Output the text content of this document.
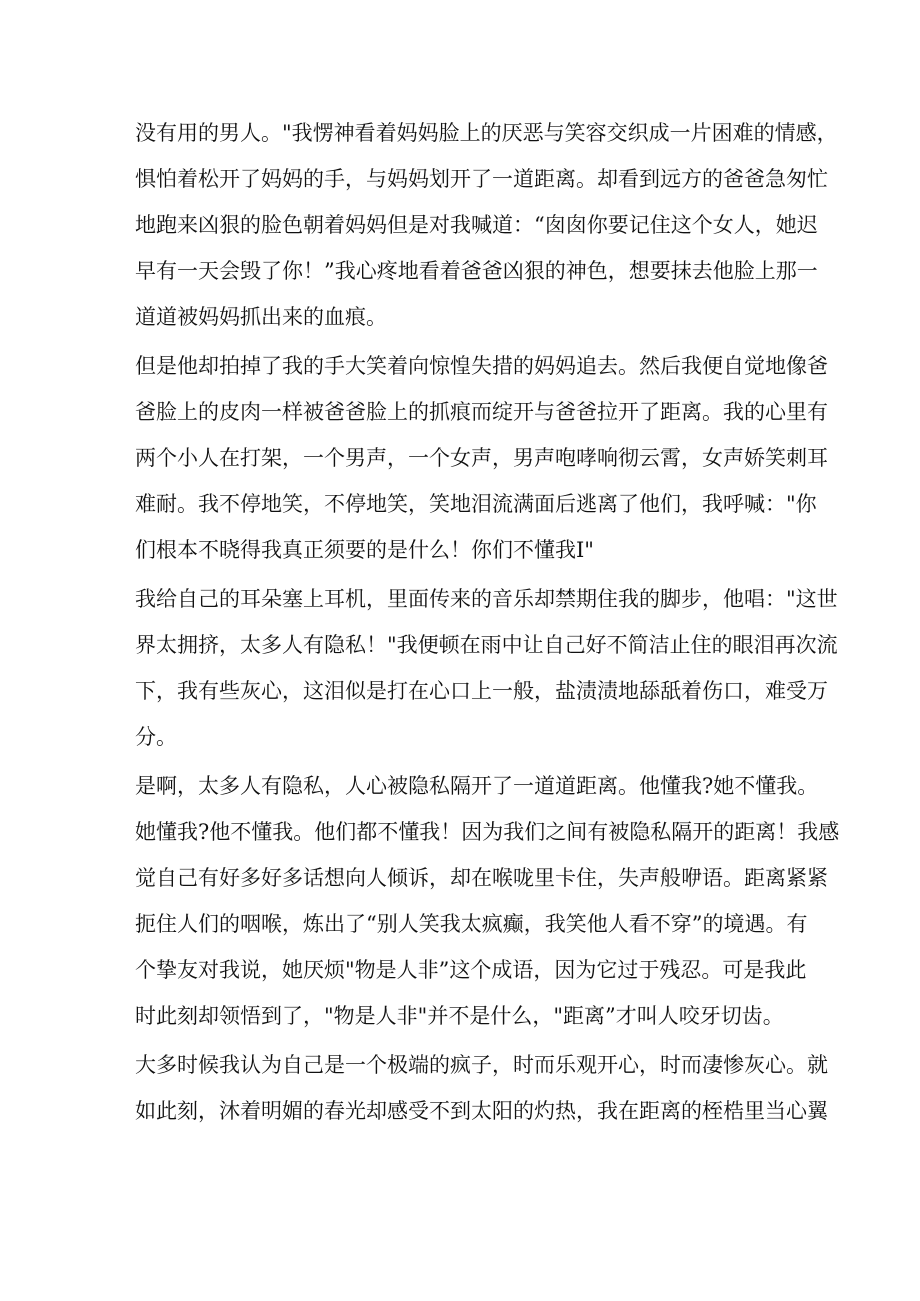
没有用的男人。"我愣神看着妈妈脸上的厌恶与笑容交织成一片困难的情感，
惧怕着松开了妈妈的手，与妈妈划开了一道距离。却看到远方的爸爸急匆忙
地跑来凶狠的脸色朝着妈妈但是对我喊道：“囱囱你要记住这个女人，她迟
早有一天会毁了你！”我心疼地看着爸爸凶狠的神色，想要抹去他脸上那一
道道被妈妈抓出来的血痕。
但是他却拍掉了我的手大笑着向惊惶失措的妈妈追去。然后我便自觉地像爸
爸脸上的皮肉一样被爸爸脸上的抓痕而绽开与爸爸拉开了距离。我的心里有
两个小人在打架，一个男声，一个女声，男声咆哮响彻云霄，女声娇笑刺耳
难耐。我不停地笑，不停地笑，笑地泪流满面后逃离了他们，我呼喊："你
们根本不晓得我真正须要的是什么！你们不懂我I"
我给自己的耳朵塞上耳机，里面传来的音乐却禁期住我的脚步，他唱："这世
界太拥挤，太多人有隐私！"我便顿在雨中让自己好不简洁止住的眼泪再次流
下，我有些灰心，这泪似是打在心口上一般，盐渍渍地舔舐着伤口，难受万
分。
是啊，太多人有隐私，人心被隐私隔开了一道道距离。他懂我?她不懂我。
她懂我?他不懂我。他们都不懂我！因为我们之间有被隐私隔开的距离！我感
觉自己有好多好多话想向人倾诉，却在喉咙里卡住，失声般咿语。距离紧紧
扼住人们的咽喉，炼出了“别人笑我太疯癫，我笑他人看不穿”的境遇。有
个挚友对我说，她厌烦"物是人非”这个成语，因为它过于残忍。可是我此
时此刻却领悟到了，"物是人非"并不是什么，"距离”才叫人咬牙切齿。
大多时候我认为自己是一个极端的疯子，时而乐观开心，时而凄惨灰心。就
如此刻，沐着明媚的春光却感受不到太阳的灼热，我在距离的桎梏里当心翼
